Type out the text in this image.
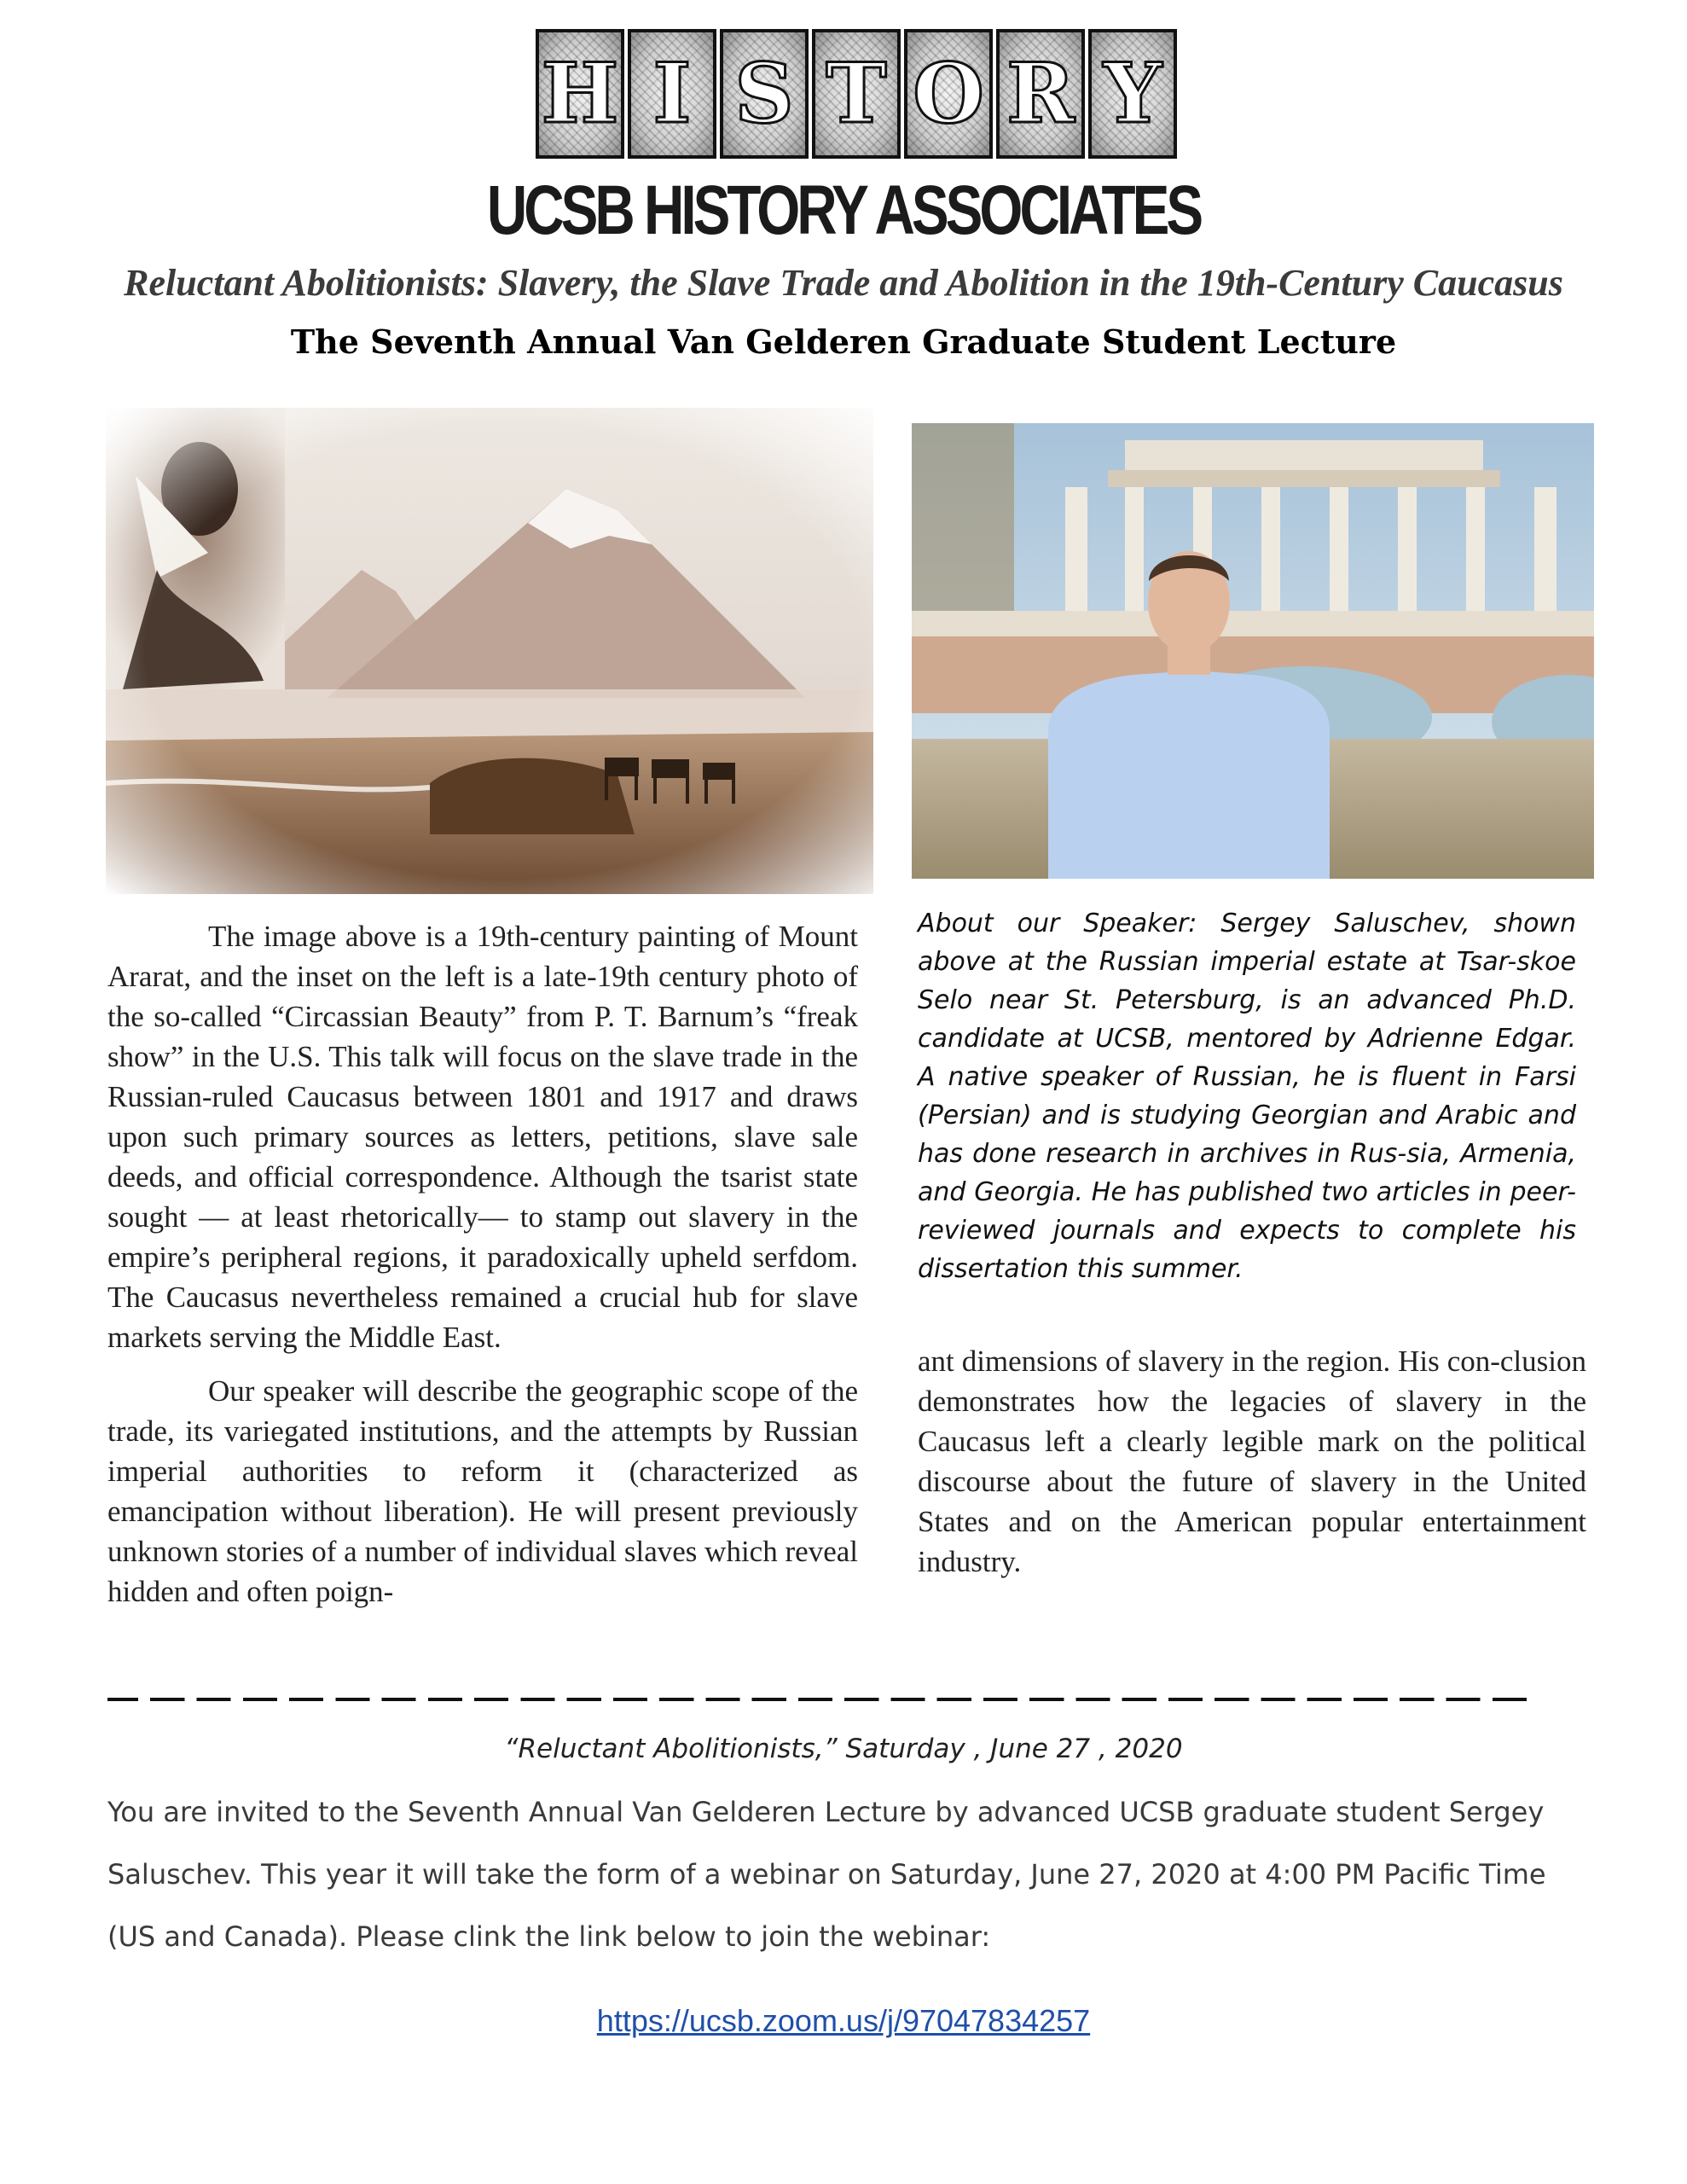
H I S T O R Y
UCSB HISTORY ASSOCIATES
Reluctant Abolitionists: Slavery, the Slave Trade and Abolition in the 19th-Century Caucasus
The Seventh Annual Van Gelderen Graduate Student Lecture

The image above is a 19th-century painting of Mount Ararat, and the inset on the left is a late-19th century photo of the so-called “Circassian Beauty” from P. T. Barnum’s “freak show” in the U.S. This talk will focus on the slave trade in the Russian-ruled Caucasus between 1801 and 1917 and draws upon such primary sources as letters, petitions, slave sale deeds, and official correspondence. Although the tsarist state sought — at least rhetorically— to stamp out slavery in the empire’s peripheral regions, it paradoxically upheld serfdom. The Caucasus nevertheless remained a crucial hub for slave markets serving the Middle East.

Our speaker will describe the geographic scope of the trade, its variegated institutions, and the attempts by Russian imperial authorities to reform it (characterized as emancipation without liberation). He will present previously unknown stories of a number of individual slaves which reveal hidden and often poign-

About our Speaker: Sergey Saluschev, shown above at the Russian imperial estate at Tsar-skoe Selo near St. Petersburg, is an advanced Ph.D. candidate at UCSB, mentored by Adrienne Edgar. A native speaker of Russian, he is fluent in Farsi (Persian) and is studying Georgian and Arabic and has done research in archives in Rus-sia, Armenia, and Georgia. He has published two articles in peer-reviewed journals and expects to complete his dissertation this summer.

ant dimensions of slavery in the region. His con-clusion demonstrates how the legacies of slavery in the Caucasus left a clearly legible mark on the political discourse about the future of slavery in the United States and on the American popular entertainment industry.

“Reluctant Abolitionists,” Saturday , June 27 , 2020
You are invited to the Seventh Annual Van Gelderen Lecture by advanced UCSB graduate student Sergey Saluschev. This year it will take the form of a webinar on Saturday, June 27, 2020 at 4:00 PM Pacific Time (US and Canada). Please clink the link below to join the webinar:
https://ucsb.zoom.us/j/97047834257
